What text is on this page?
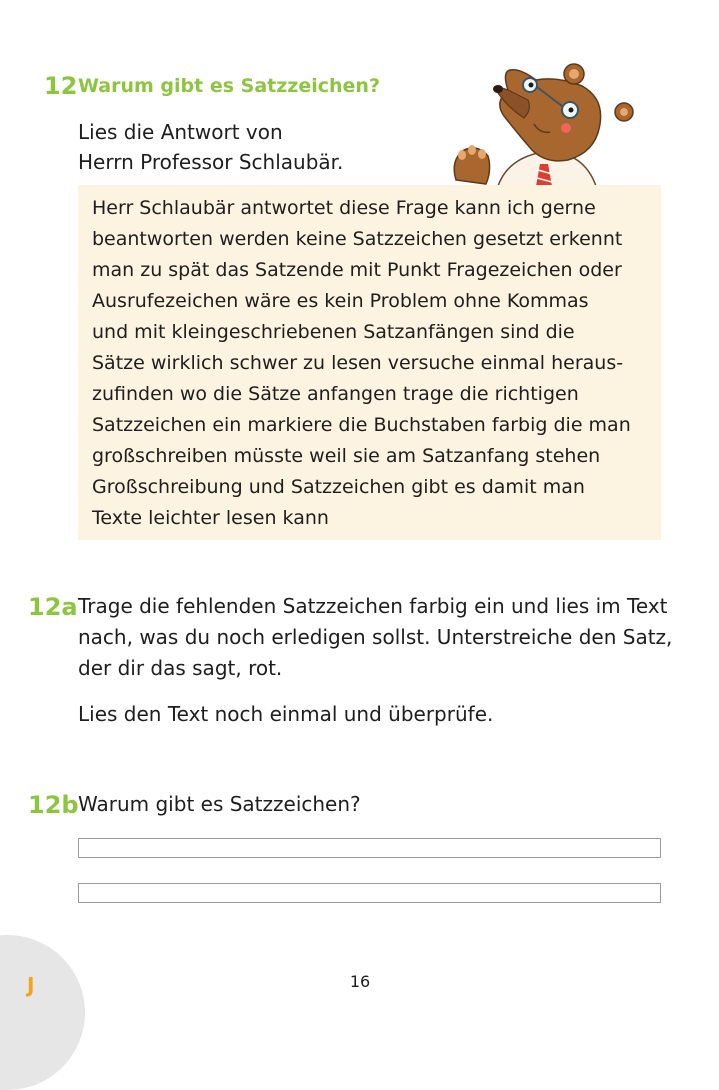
J
12 Warum gibt es Satzzeichen?
Lies die Antwort von
Herrn Professor Schlaubär.
Herr Schlaubär antwortet diese Frage kann ich gerne
beantworten werden keine Satzzeichen gesetzt erkennt
man zu spät das Satzende mit Punkt Fragezeichen oder
Ausrufezeichen wäre es kein Problem ohne Kommas
und mit kleingeschriebenen Satzanfängen sind die
Sätze wirklich schwer zu lesen versuche einmal heraus-
zufinden wo die Sätze anfangen trage die richtigen
Satzzeichen ein markiere die Buchstaben farbig die man
großschreiben müsste weil sie am Satzanfang stehen
Großschreibung und Satzzeichen gibt es damit man
Texte leichter lesen kann
12a Trage die fehlenden Satzzeichen farbig ein und lies im Text
nach, was du noch erledigen sollst. Unterstreiche den Satz,
der dir das sagt, rot.
Lies den Text noch einmal und überprüfe.
12b Warum gibt es Satzzeichen?
16
